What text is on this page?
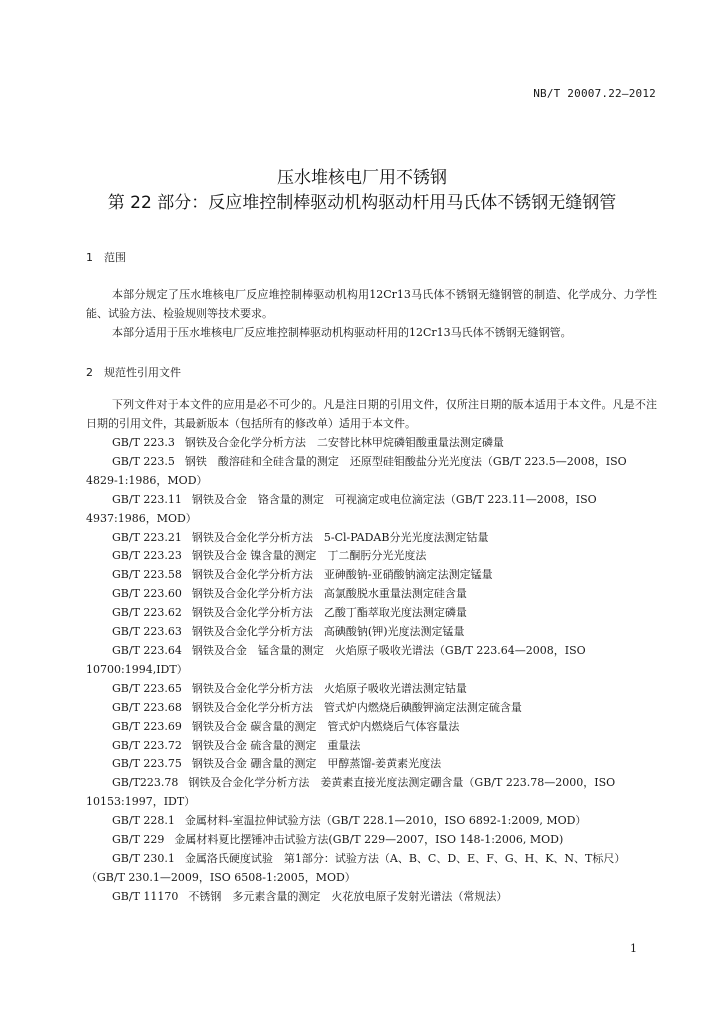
NB/T 20007.22—2012
压水堆核电厂用不锈钢
第 22 部分：反应堆控制棒驱动机构驱动杆用马氏体不锈钢无缝钢管
1 范围

本部分规定了压水堆核电厂反应堆控制棒驱动机构用12Cr13马氏体不锈钢无缝钢管的制造、化学成分、力学性能、试验方法、检验规则等技术要求。

本部分适用于压水堆核电厂反应堆控制棒驱动机构驱动杆用的12Cr13马氏体不锈钢无缝钢管。

2 规范性引用文件

下列文件对于本文件的应用是必不可少的。凡是注日期的引用文件，仅所注日期的版本适用于本文件。凡是不注日期的引用文件，其最新版本（包括所有的修改单）适用于本文件。

GB/T 223.3 钢铁及合金化学分析方法　二安替比林甲烷磷钼酸重量法测定磷量

GB/T 223.5 钢铁　酸溶硅和全硅含量的测定　还原型硅钼酸盐分光光度法（GB/T 223.5—2008，ISO 4829-1:1986，MOD）

GB/T 223.11 钢铁及合金　铬含量的测定　可视滴定或电位滴定法（GB/T 223.11—2008，ISO 4937:1986，MOD）

GB/T 223.21 钢铁及合金化学分析方法　5-Cl-PADAB分光光度法测定钴量

GB/T 223.23 钢铁及合金 镍含量的测定　丁二酮肟分光光度法

GB/T 223.58 钢铁及合金化学分析方法　亚砷酸钠-亚硝酸钠滴定法测定锰量

GB/T 223.60 钢铁及合金化学分析方法　高氯酸脱水重量法测定硅含量

GB/T 223.62 钢铁及合金化学分析方法　乙酸丁酯萃取光度法测定磷量

GB/T 223.63 钢铁及合金化学分析方法　高碘酸钠(钾)光度法测定锰量

GB/T 223.64 钢铁及合金　锰含量的测定　火焰原子吸收光谱法（GB/T 223.64—2008，ISO 10700:1994,IDT）

GB/T 223.65 钢铁及合金化学分析方法　火焰原子吸收光谱法测定钴量

GB/T 223.68 钢铁及合金化学分析方法　管式炉内燃烧后碘酸钾滴定法测定硫含量

GB/T 223.69 钢铁及合金 碳含量的测定　管式炉内燃烧后气体容量法

GB/T 223.72 钢铁及合金 硫含量的测定　重量法

GB/T 223.75 钢铁及合金 硼含量的测定　甲醇蒸馏-姜黄素光度法

GB/T223.78 钢铁及合金化学分析方法　姜黄素直接光度法测定硼含量（GB/T 223.78—2000，ISO 10153:1997，IDT）

GB/T 228.1 金属材料-室温拉伸试验方法（GB/T 228.1—2010，ISO 6892-1:2009, MOD）

GB/T 229 金属材料夏比摆锤冲击试验方法(GB/T 229—2007，ISO 148-1:2006, MOD)

GB/T 230.1 金属洛氏硬度试验　第1部分：试验方法（A、B、C、D、E、F、G、H、K、N、T标尺）（GB/T 230.1—2009，ISO 6508-1:2005，MOD）

GB/T 11170 不锈钢　多元素含量的测定　火花放电原子发射光谱法（常规法）

1
